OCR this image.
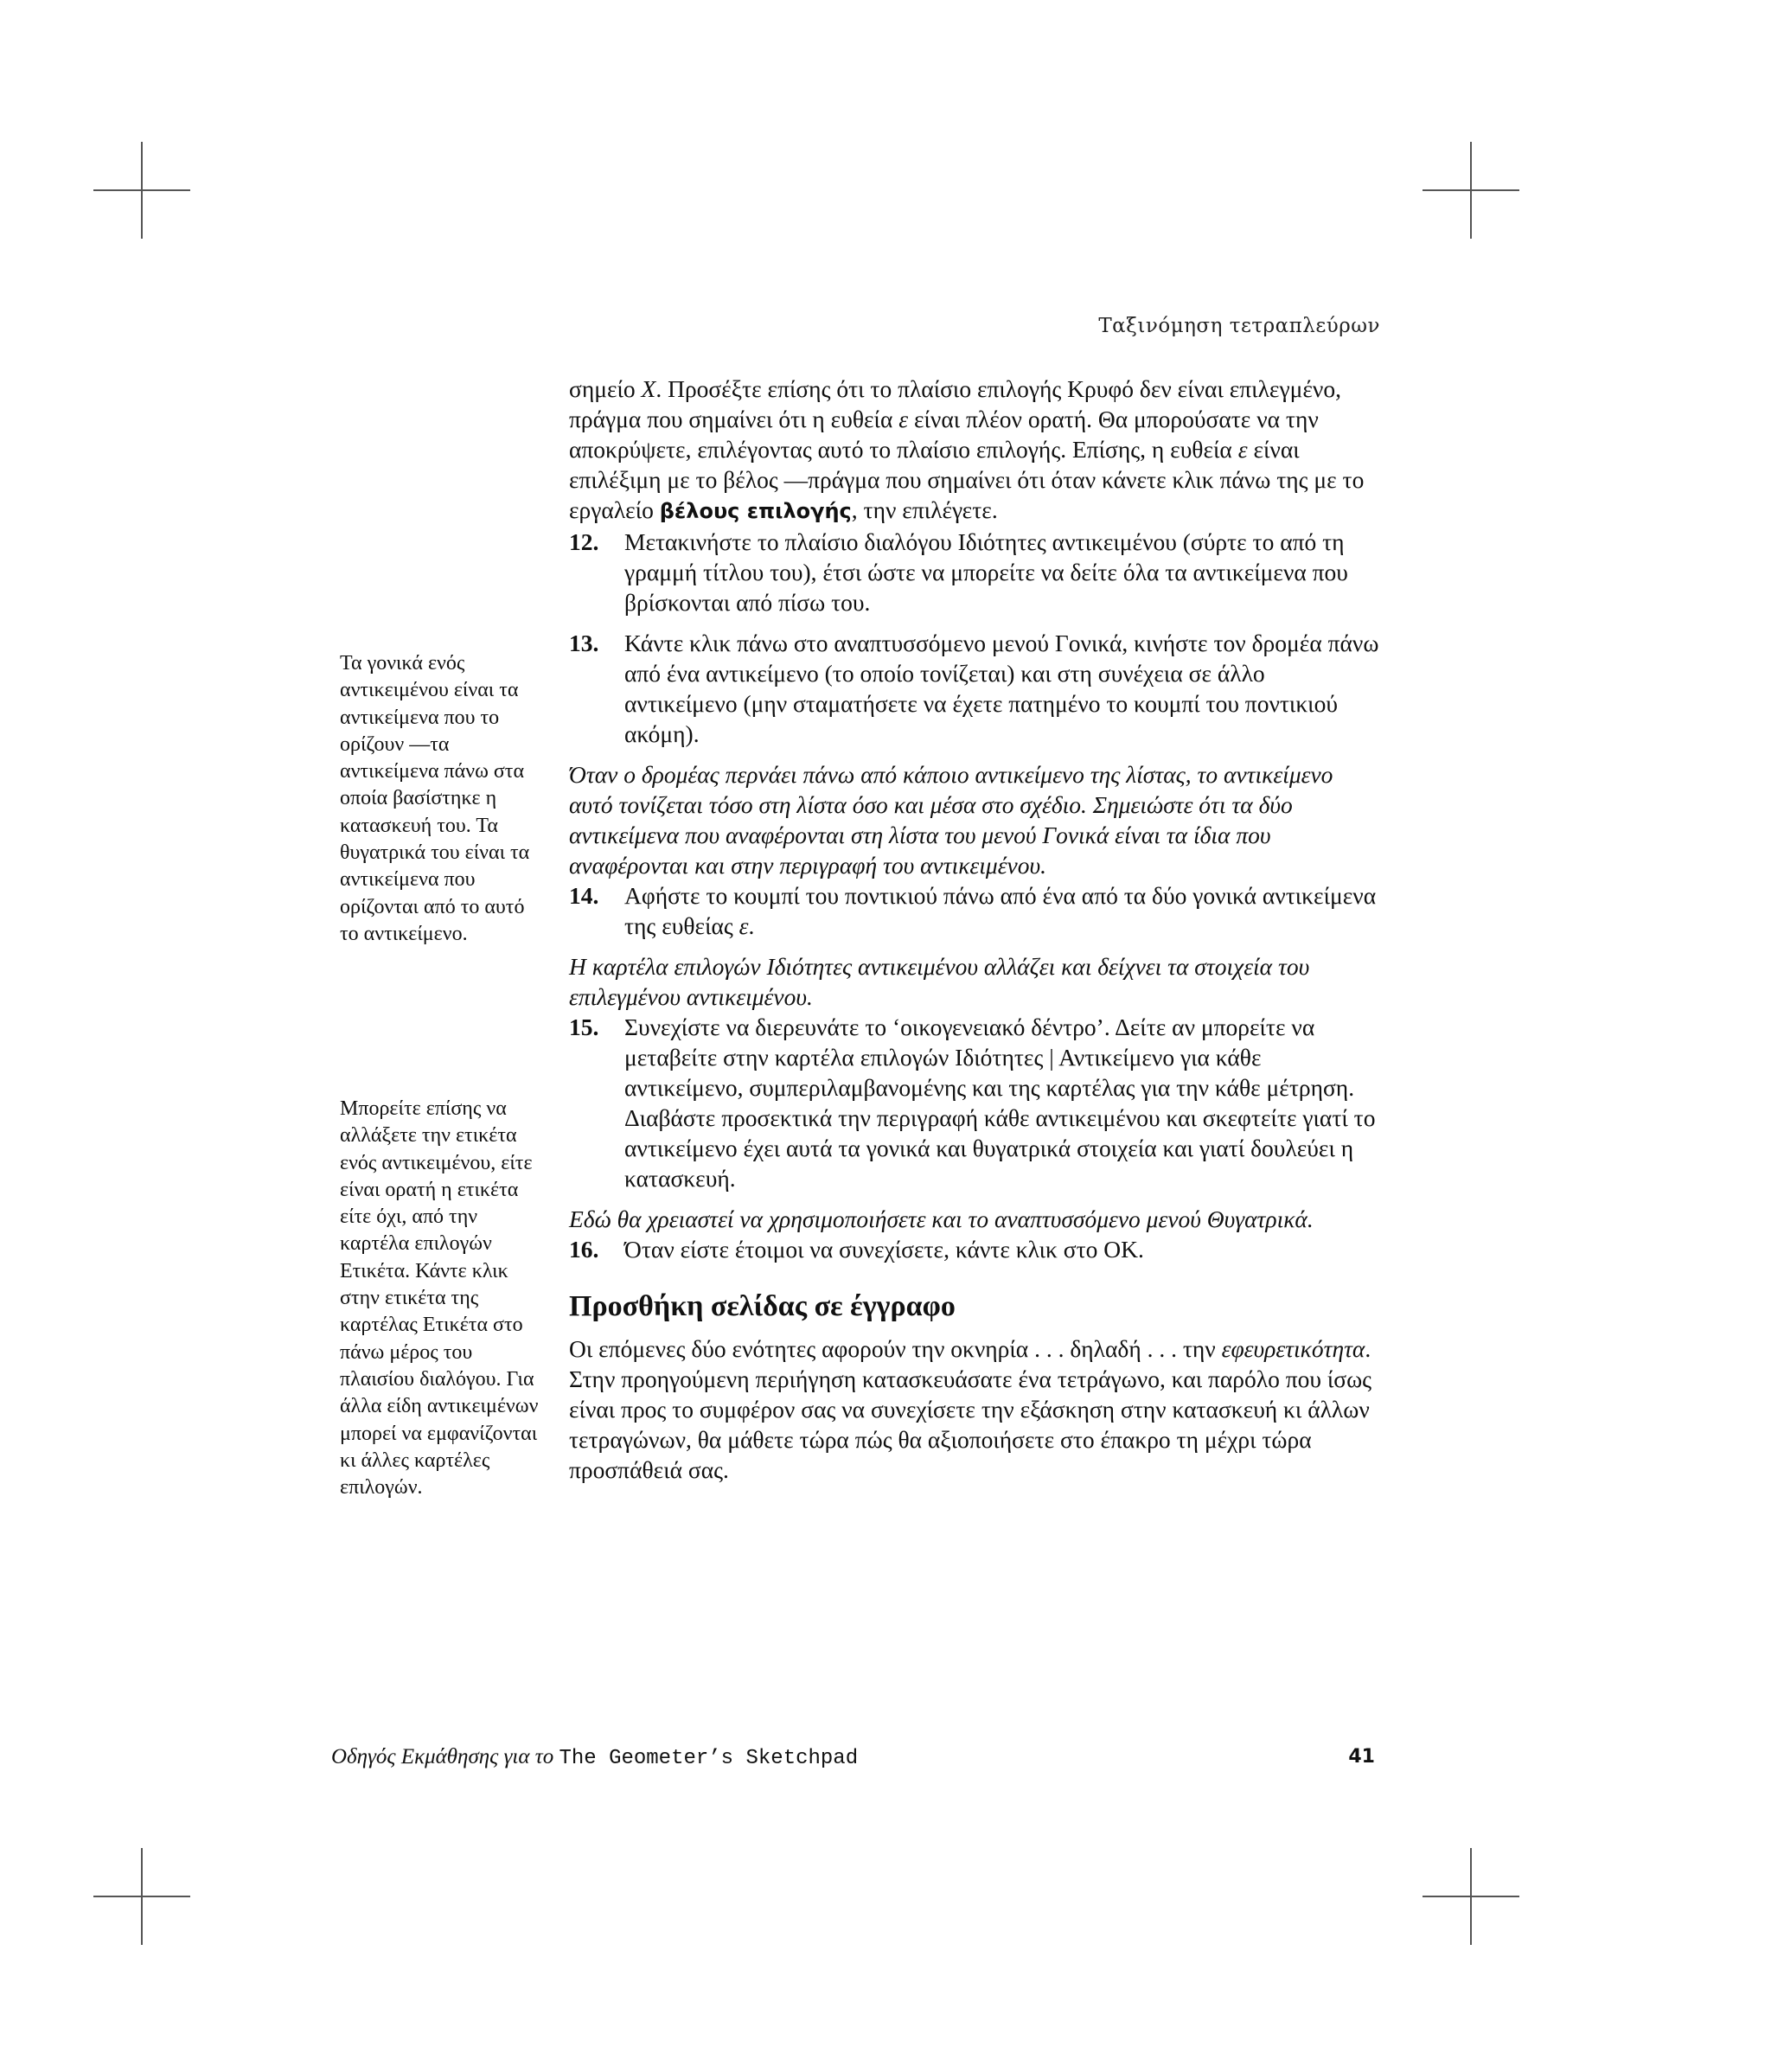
Ταξινόμηση τετραπλεύρων

σημείο X. Προσέξτε επίσης ότι το πλαίσιο επιλογής Κρυφό δεν είναι επιλεγμένο, πράγμα που σημαίνει ότι η ευθεία ε είναι πλέον ορατή. Θα μπορούσατε να την αποκρύψετε, επιλέγοντας αυτό το πλαίσιο επιλογής. Επίσης, η ευθεία ε είναι επιλέξιμη με το βέλος —πράγμα που σημαίνει ότι όταν κάνετε κλικ πάνω της με το εργαλείο βέλους επιλογής, την επιλέγετε.

12.	Μετακινήστε το πλαίσιο διαλόγου Ιδιότητες αντικειμένου (σύρτε το από τη γραμμή τίτλου του), έτσι ώστε να μπορείτε να δείτε όλα τα αντικείμενα που βρίσκονται από πίσω του.
13.	Κάντε κλικ πάνω στο αναπτυσσόμενο μενού Γονικά, κινήστε τον δρομέα πάνω από ένα αντικείμενο (το οποίο τονίζεται) και στη συνέχεια σε άλλο αντικείμενο (μην σταματήσετε να έχετε πατημένο το κουμπί του ποντικιού ακόμη).

Όταν ο δρομέας περνάει πάνω από κάποιο αντικείμενο της λίστας, το αντικείμενο αυτό τονίζεται τόσο στη λίστα όσο και μέσα στο σχέδιο. Σημειώστε ότι τα δύο αντικείμενα που αναφέρονται στη λίστα του μενού Γονικά είναι τα ίδια που αναφέρονται και στην περιγραφή του αντικειμένου.

14.	Αφήστε το κουμπί του ποντικιού πάνω από ένα από τα δύο γονικά αντικείμενα της ευθείας ε.

Η καρτέλα επιλογών Ιδιότητες αντικειμένου αλλάζει και δείχνει τα στοιχεία του επιλεγμένου αντικειμένου.

15.	Συνεχίστε να διερευνάτε το ‘οικογενειακό δέντρο’. Δείτε αν μπορείτε να μεταβείτε στην καρτέλα επιλογών Ιδιότητες | Αντικείμενο για κάθε αντικείμενο, συμπεριλαμβανομένης και της καρτέλας για την κάθε μέτρηση. Διαβάστε προσεκτικά την περιγραφή κάθε αντικειμένου και σκεφτείτε γιατί το αντικείμενο έχει αυτά τα γονικά και θυγατρικά στοιχεία και γιατί δουλεύει η κατασκευή.

Εδώ θα χρειαστεί να χρησιμοποιήσετε και το αναπτυσσόμενο μενού Θυγατρικά.

16.	Όταν είστε έτοιμοι να συνεχίσετε, κάντε κλικ στο OK.
Προσθήκη σελίδας σε έγγραφο

Οι επόμενες δύο ενότητες αφορούν την οκνηρία . . . δηλαδή . . . την εφευρετικότητα. Στην προηγούμενη περιήγηση κατασκευάσατε ένα τετράγωνο, και παρόλο που ίσως είναι προς το συμφέρον σας να συνεχίσετε την εξάσκηση στην κατασκευή κι άλλων τετραγώνων, θα μάθετε τώρα πώς θα αξιοποιήσετε στο έπακρο τη μέχρι τώρα προσπάθειά σας.

Τα γονικά ενός αντικειμένου είναι τα αντικείμενα που το ορίζουν —τα αντικείμενα πάνω στα οποία βασίστηκε η κατασκευή του. Τα θυγατρικά του είναι τα αντικείμενα που ορίζονται από το αυτό το αντικείμενο.
Μπορείτε επίσης να αλλάξετε την ετικέτα ενός αντικειμένου, είτε είναι ορατή η ετικέτα είτε όχι, από την καρτέλα επιλογών Ετικέτα. Κάντε κλικ στην ετικέτα της καρτέλας Ετικέτα στο πάνω μέρος του πλαισίου διαλόγου. Για άλλα είδη αντικειμένων μπορεί να εμφανίζονται κι άλλες καρτέλες επιλογών.
Οδηγός Εκμάθησης για το The Geometer’s Sketchpad	41
